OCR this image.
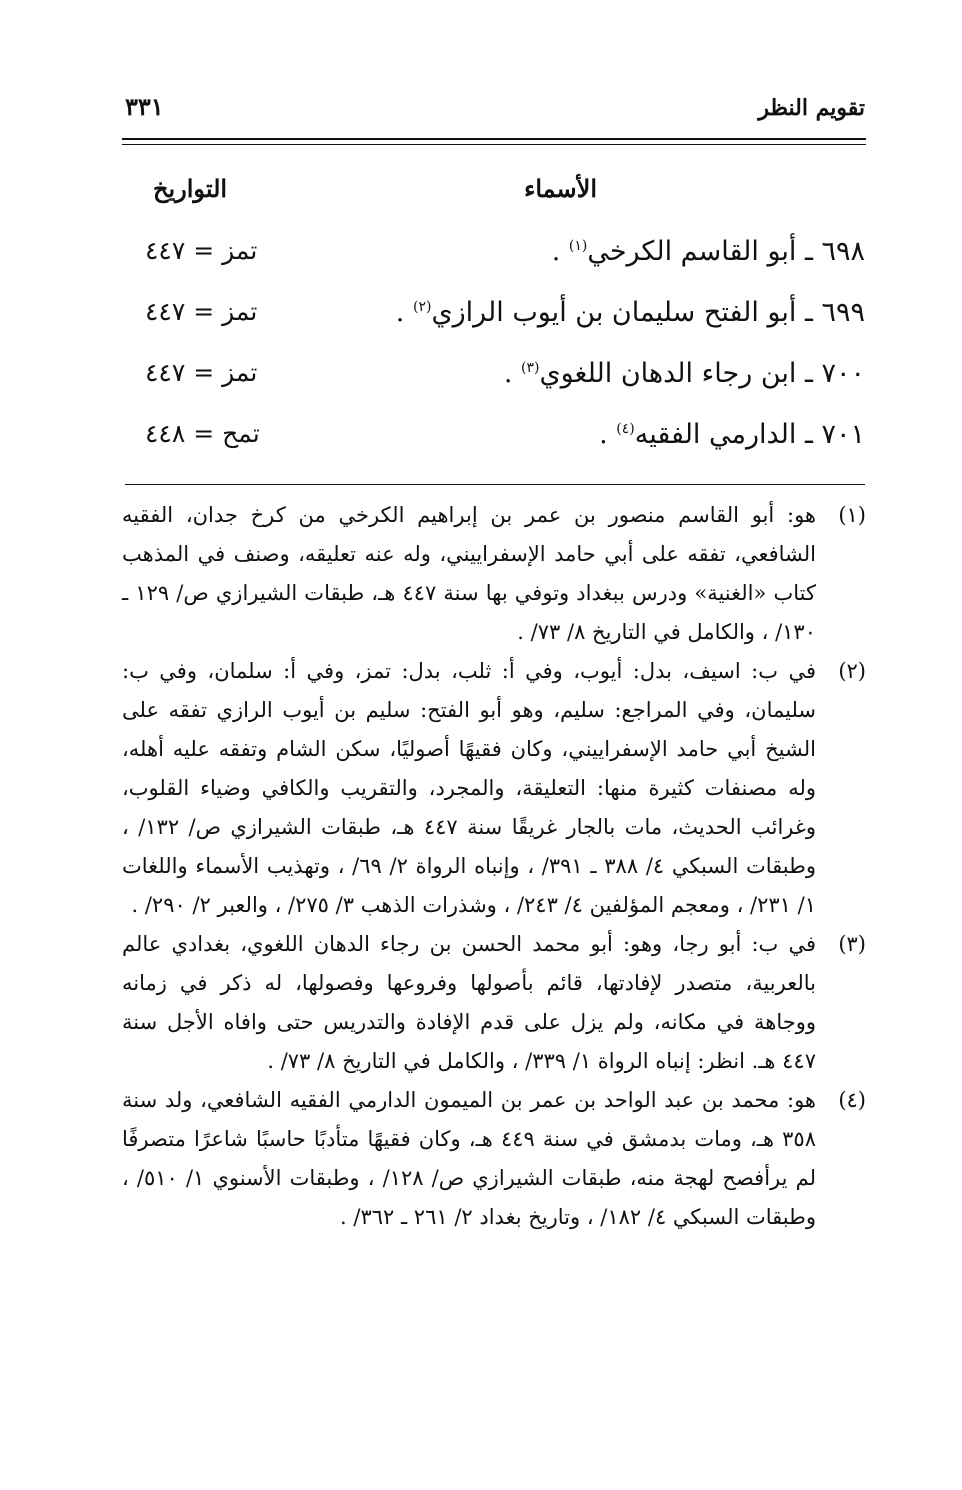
تقويم النظر
٣٣١
الأسماء
التواريخ
٦٩٨ ـ أبو القاسم الكرخي$^{(١)}$ .
تمز = ٤٤٧
٦٩٩ ـ أبو الفتح سليمان بن أيوب الرازي$^{(٢)}$ .
تمز = ٤٤٧
٧٠٠ ـ ابن رجاء الدهان اللغوي$^{(٣)}$ .
تمز = ٤٤٧
٧٠١ ـ الدارمي الفقيه$^{(٤)}$ .
تمح = ٤٤٨
(١)
هو: أبو القاسم منصور بن عمر بن إبراهيم الكرخي من كرخ جدان، الفقيه الشافعي، تفقه على أبي حامد الإسفراييني، وله عنه تعليقه، وصنف في المذهب كتاب «الغنية» ودرس ببغداد وتوفي بها سنة ٤٤٧ هـ، طبقات الشيرازي ص/ ١٢٩ ـ ١٣٠/ ، والكامل في التاريخ ٨/ ٧٣/ .
(٢)
في ب: اسيف، بدل: أيوب، وفي أ: ثلب، بدل: تمز، وفي أ: سلمان، وفي ب: سليمان، وفي المراجع: سليم، وهو أبو الفتح: سليم بن أيوب الرازي تفقه على الشيخ أبي حامد الإسفراييني، وكان فقيهًا أصوليًا، سكن الشام وتفقه عليه أهله، وله مصنفات كثيرة منها: التعليقة، والمجرد، والتقريب والكافي وضياء القلوب، وغرائب الحديث، مات بالجار غريقًا سنة ٤٤٧ هـ، طبقات الشيرازي ص/ ١٣٢/ ، وطبقات السبكي ٤/ ٣٨٨ ـ ٣٩١/ ، وإنباه الرواة ٢/ ٦٩/ ، وتهذيب الأسماء واللغات ١/ ٢٣١/ ، ومعجم المؤلفين ٤/ ٢٤٣/ ، وشذرات الذهب ٣/ ٢٧٥/ ، والعبر ٢/ ٢٩٠/ .
(٣)
في ب: أبو رجا، وهو: أبو محمد الحسن بن رجاء الدهان اللغوي، بغدادي عالم بالعربية، متصدر لإفادتها، قائم بأصولها وفروعها وفصولها، له ذكر في زمانه ووجاهة في مكانه، ولم يزل على قدم الإفادة والتدريس حتى وافاه الأجل سنة ٤٤٧ هـ. انظر: إنباه الرواة ١/ ٣٣٩/ ، والكامل في التاريخ ٨/ ٧٣/ .
(٤)
هو: محمد بن عبد الواحد بن عمر بن الميمون الدارمي الفقيه الشافعي، ولد سنة ٣٥٨ هـ، ومات بدمشق في سنة ٤٤٩ هـ، وكان فقيهًا متأدبًا حاسبًا شاعرًا متصرفًا لم يرأفصح لهجة منه، طبقات الشيرازي ص/ ١٢٨/ ، وطبقات الأسنوي ١/ ٥١٠/ ، وطبقات السبكي ٤/ ١٨٢/ ، وتاريخ بغداد ٢/ ٢٦١ ـ ٣٦٢/ .
